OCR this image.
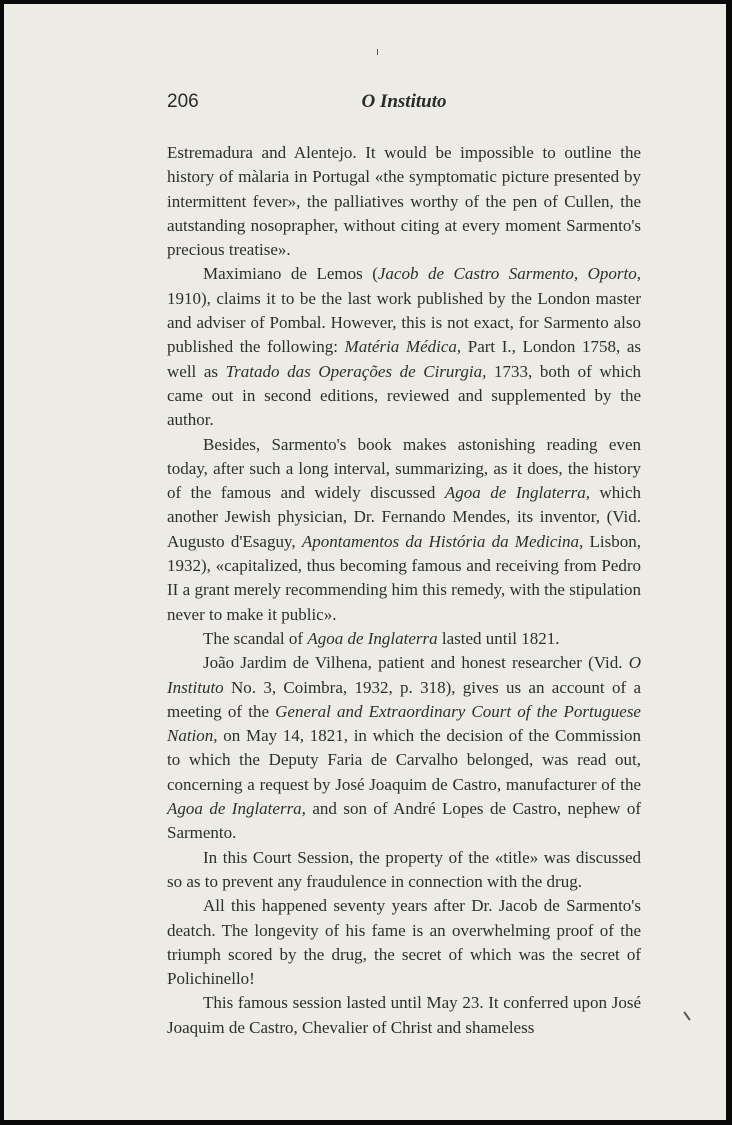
206	O Instituto

Estremadura and Alentejo. It would be impossible to outline the history of màlaria in Portugal «the symptomatic picture presented by intermittent fever», the palliatives worthy of the pen of Cullen, the autstanding nosoprapher, without citing at every moment Sarmento's precious treatise».

Maximiano de Lemos (Jacob de Castro Sarmento, Oporto, 1910), claims it to be the last work published by the London master and adviser of Pombal. However, this is not exact, for Sarmento also published the following: Matéria Médica, Part I., London 1758, as well as Tratado das Operações de Cirurgia, 1733, both of which came out in second editions, reviewed and supplemented by the author.

Besides, Sarmento's book makes astonishing reading even today, after such a long interval, summarizing, as it does, the history of the famous and widely discussed Agoa de Inglaterra, which another Jewish physician, Dr. Fernando Mendes, its inventor, (Vid. Augusto d'Esaguy, Apontamentos da História da Medicina, Lisbon, 1932), «capitalized, thus becoming famous and receiving from Pedro II a grant merely recommending him this remedy, with the stipulation never to make it public».

The scandal of Agoa de Inglaterra lasted until 1821.

João Jardim de Vilhena, patient and honest researcher (Vid. O Instituto No. 3, Coimbra, 1932, p. 318), gives us an account of a meeting of the General and Extraordinary Court of the Portuguese Nation, on May 14, 1821, in which the decision of the Commission to which the Deputy Faria de Carvalho belonged, was read out, concerning a request by José Joaquim de Castro, manufacturer of the Agoa de Inglaterra, and son of André Lopes de Castro, nephew of Sarmento.

In this Court Session, the property of the «title» was discussed so as to prevent any fraudulence in connection with the drug.

All this happened seventy years after Dr. Jacob de Sarmento's deatch. The longevity of his fame is an overwhelming proof of the triumph scored by the drug, the secret of which was the secret of Polichinello!

This famous session lasted until May 23. It conferred upon José Joaquim de Castro, Chevalier of Christ and shameless
